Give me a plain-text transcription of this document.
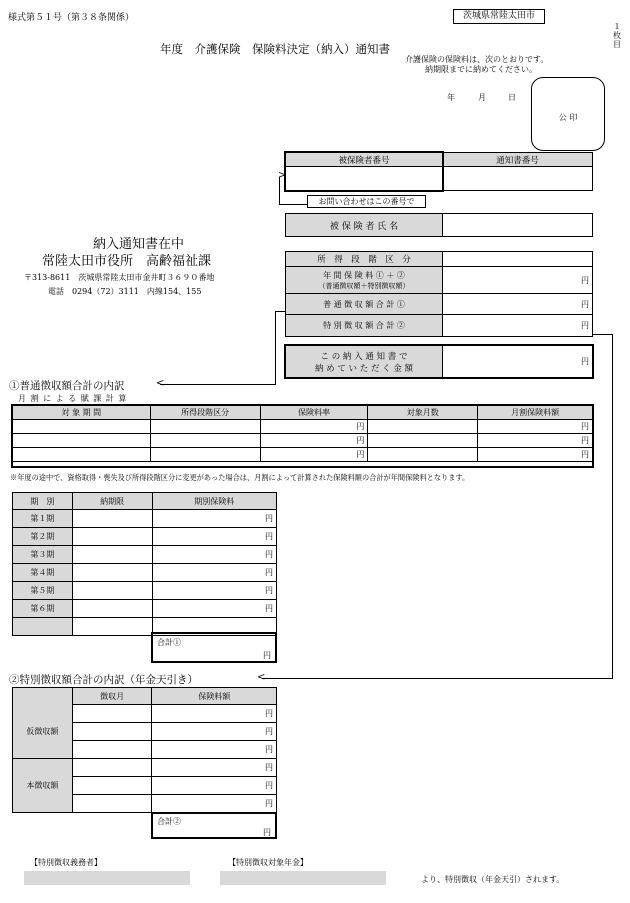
様式第５１号（第３８条関係）	茨城県常陸太田市
１枚目
年度　介護保険　保険料決定（納入）通知書
介護保険の保険料は、次のとおりです。
納期限までに納めてください。
年	月	日
公 印
被保険者番号	通知書番号
お問い合わせはこの番号で
>
被 保 険 者 氏 名
納入通知書在中
常陸太田市役所　高齢福祉課
〒313-8611　茨城県常陸太田市金井町３６９０番地
電話　0294（72）3111　内線154、155
所　得　段　階　区　分
年 間 保 険 料 ① ＋ ②
（普通徴収額＋特別徴収額）
円
普 通 徴 収 額 合 計 ①	円
特 別 徴 収 額 合 計 ②	円
こ の 納 入 通 知 書 で
納 め て い た だ く 金 額
円
<
<
①普通徴収額合計の内訳
月 割 に よ る 賦 課 計 算
対 象 期 間	所得段階区分	保険料率	対象月数	月割保険料額
		円		円
		円		円
		円		円
※年度の途中で、資格取得・喪失及び所得段階区分に変更があった場合は、月割によって計算された保険料額の合計が年間保険料となります。
期　別	納期限	期別保険料
第１期		円
第２期		円
第３期		円
第４期		円
第５期		円
第６期		円

合計①
円
②特別徴収額合計の内訳（年金天引き）
	徴収月	保険料額
仮徴収額		円
		円
		円
本徴収額		円
		円
		円
合計②
円
【特別徴収義務者】	【特別徴収対象年金】
より、特別徴収（年金天引）されます。
